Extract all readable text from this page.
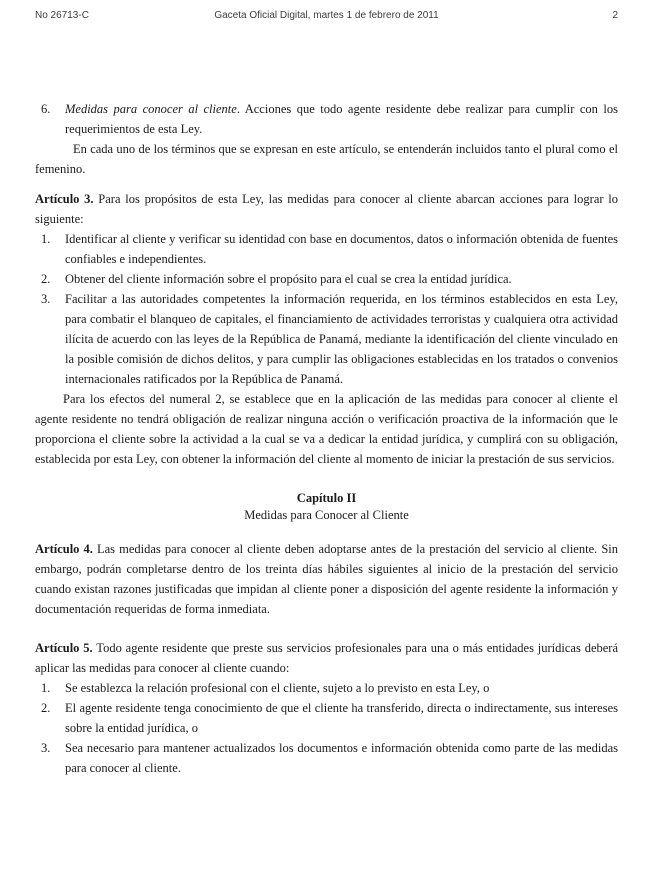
No 26713-C	Gaceta Oficial Digital, martes 1 de febrero de 2011	2
6. Medidas para conocer al cliente. Acciones que todo agente residente debe realizar para cumplir con los requerimientos de esta Ley.

En cada uno de los términos que se expresan en este artículo, se entenderán incluidos tanto el plural como el femenino.

Artículo 3. Para los propósitos de esta Ley, las medidas para conocer al cliente abarcan acciones para lograr lo siguiente:

1. Identificar al cliente y verificar su identidad con base en documentos, datos o información obtenida de fuentes confiables e independientes.
2. Obtener del cliente información sobre el propósito para el cual se crea la entidad jurídica.
3. Facilitar a las autoridades competentes la información requerida, en los términos establecidos en esta Ley, para combatir el blanqueo de capitales, el financiamiento de actividades terroristas y cualquiera otra actividad ilícita de acuerdo con las leyes de la República de Panamá, mediante la identificación del cliente vinculado en la posible comisión de dichos delitos, y para cumplir las obligaciones establecidas en los tratados o convenios internacionales ratificados por la República de Panamá.

Para los efectos del numeral 2, se establece que en la aplicación de las medidas para conocer al cliente el agente residente no tendrá obligación de realizar ninguna acción o verificación proactiva de la información que le proporciona el cliente sobre la actividad a la cual se va a dedicar la entidad jurídica, y cumplirá con su obligación, establecida por esta Ley, con obtener la información del cliente al momento de iniciar la prestación de sus servicios.

Capítulo II
Medidas para Conocer al Cliente

Artículo 4. Las medidas para conocer al cliente deben adoptarse antes de la prestación del servicio al cliente. Sin embargo, podrán completarse dentro de los treinta días hábiles siguientes al inicio de la prestación del servicio cuando existan razones justificadas que impidan al cliente poner a disposición del agente residente la información y documentación requeridas de forma inmediata.

Artículo 5. Todo agente residente que preste sus servicios profesionales para una o más entidades jurídicas deberá aplicar las medidas para conocer al cliente cuando:

1. Se establezca la relación profesional con el cliente, sujeto a lo previsto en esta Ley, o
2. El agente residente tenga conocimiento de que el cliente ha transferido, directa o indirectamente, sus intereses sobre la entidad jurídica, o
3. Sea necesario para mantener actualizados los documentos e información obtenida como parte de las medidas para conocer al cliente.
